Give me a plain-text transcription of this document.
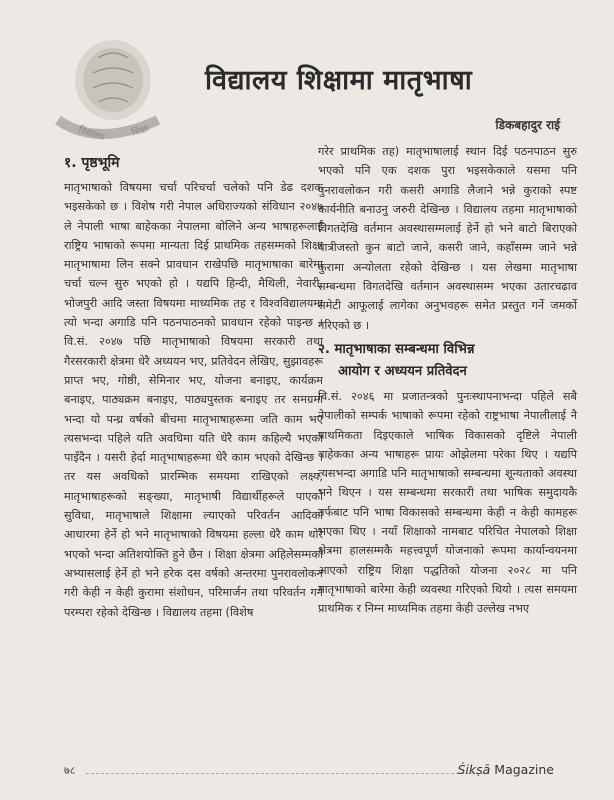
विद्यालय	शिक्षा
विद्यालय शिक्षामा मातृभाषा
डिकबहादुर राई
१. पृष्ठभूमि

मातृभाषाको विषयमा चर्चा परिचर्चा चलेको पनि डेढ दशक भइसकेको छ । विशेष गरी नेपाल अधिराज्यको संविधान २०४७ ले नेपाली भाषा बाहेकका नेपालमा बोलिने अन्य भाषाहरूलाई राष्ट्रिय भाषाको रूपमा मान्यता दिई प्राथमिक तहसम्मको शिक्षा मातृभाषामा लिन सक्ने प्रावधान राखेपछि मातृभाषाका बारेमा चर्चा चल्न सुरु भएको हो । यद्यपि हिन्दी, मैथिली, नेवारी, भोजपुरी आदि जस्ता विषयमा माध्यमिक तह र विश्वविद्यालयमा त्यो भन्दा अगाडि पनि पठनपाठनको प्रावधान रहेको पाइन्छ । वि.सं. २०४७ पछि मातृभाषाको विषयमा सरकारी तथा गैरसरकारी क्षेत्रमा धेरै अध्ययन भए, प्रतिवेदन लेखिए, सुझावहरू प्राप्त भए, गोष्ठी, सेमिनार भए, योजना बनाइए, कार्यक्रम बनाइए, पाठ्यक्रम बनाइए, पाठ्यपुस्तक बनाइए तर समग्रमा भन्दा यो पन्ध्र वर्षको बीचमा मातृभाषाहरूमा जति काम भए त्यसभन्दा पहिले यति अवधिमा यति धेरै काम कहिल्यै भएको पाइँदैन । यसरी हेर्दा मातृभाषाहरूमा धेरै काम भएको देखिन्छ । तर यस अवधिको प्रारम्भिक समयमा राखिएको लक्ष्य, मातृभाषाहरूको सङ्ख्या, मातृभाषी विद्यार्थीहरूले पाएको सुविधा, मातृभाषाले शिक्षामा ल्याएको परिवर्तन आदिको आधारमा हेर्ने हो भने मातृभाषाको विषयमा हल्ला धेरै काम थोरै भएको भन्दा अतिशयोक्ति हुने छैन । शिक्षा क्षेत्रमा अहिलेसम्मको अभ्यासलाई हेर्ने हो भने हरेक दस वर्षको अन्तरमा पुनरावलोकन गरी केही न केही कुरामा संशोधन, परिमार्जन तथा परिवर्तन गर्ने परम्परा रहेको देखिन्छ । विद्यालय तहमा (विशेष

गरेर प्राथमिक तह) मातृभाषालाई स्थान दिई पठनपाठन सुरु भएको पनि एक दशक पुरा भइसकेकाले यसमा पनि पुनरावलोकन गरी कसरी अगाडि लैजाने भन्ने कुराको स्पष्ट कार्यनीति बनाउनु जरुरी देखिन्छ । विद्यालय तहमा मातृभाषाको विगतदेखि वर्तमान अवस्थासम्मलाई हेर्ने हो भने बाटो बिराएको यात्रीजस्तो कुन बाटो जाने, कसरी जाने, कहाँसम्म जाने भन्ने कुरामा अन्योलता रहेको देखिन्छ । यस लेखमा मातृभाषा सम्बन्धमा विगतदेखि वर्तमान अवस्थासम्म भएका उतारचढाव समेटी आफूलाई लागेका अनुभवहरू समेत प्रस्तुत गर्ने जमर्को गरिएको छ ।

२. मातृभाषाका सम्बन्धमा विभिन्न
आयोग र अध्ययन प्रतिवेदन

वि.सं. २०४६ मा प्रजातन्त्रको पुनःस्थापनाभन्दा पहिले सबै नेपालीको सम्पर्क भाषाको रूपमा रहेको राष्ट्रभाषा नेपालीलाई नै प्राथमिकता दिइएकाले भाषिक विकासको दृष्टिले नेपाली बाहेकका अन्य भाषाहरू प्रायः ओझेलमा परेका थिए । यद्यपि त्यसभन्दा अगाडि पनि मातृभाषाको सम्बन्धमा शून्यताको अवस्था भने थिएन । यस सम्बन्धमा सरकारी तथा भाषिक समुदायकै तर्फबाट पनि भाषा विकासको सम्बन्धमा केही न केही कामहरू भएका थिए । नयाँ शिक्षाको नामबाट परिचित नेपालको शिक्षा क्षेत्रमा हालसम्मकै महत्त्वपूर्ण योजनाको रूपमा कार्यान्वयनमा आएको राष्ट्रिय शिक्षा पद्धतिको योजना २०२८ मा पनि मातृभाषाको बारेमा केही व्यवस्था गरिएको थियो । त्यस समयमा प्राथमिक र निम्न माध्यमिक तहमा केही उल्लेख नभए

७८	Śikṣā Magazine
